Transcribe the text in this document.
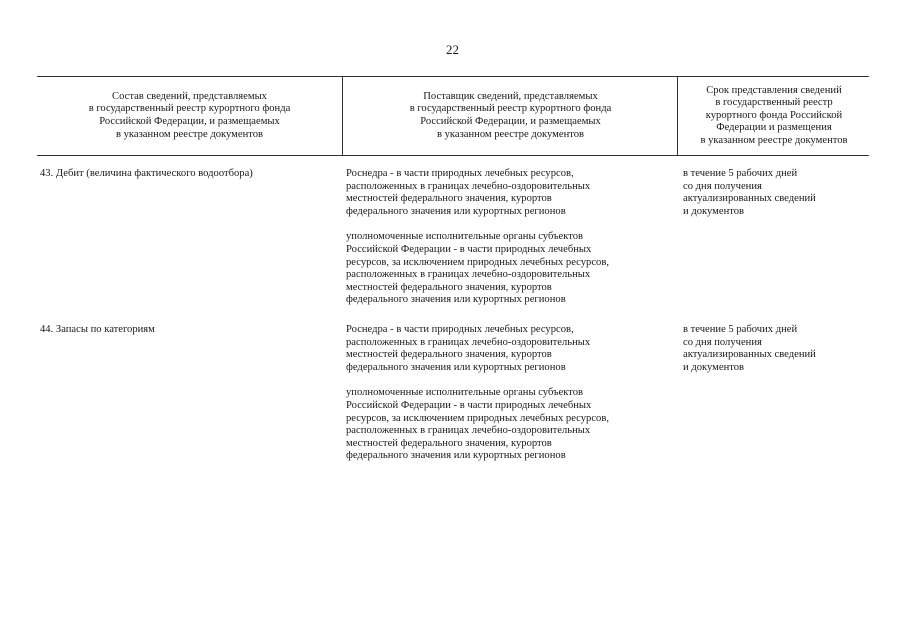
22
Состав сведений, представляемых
в государственный реестр курортного фонда
Российской Федерации, и размещаемых
в указанном реестре документов
Поставщик сведений, представляемых
в государственный реестр курортного фонда
Российской Федерации, и размещаемых
в указанном реестре документов
Срок представления сведений
в государственный реестр
курортного фонда Российской
Федерации и размещения
в указанном реестре документов
43. Дебит (величина фактического водоотбора)	Роснедра - в части природных лечебных ресурсов,
расположенных в границах лечебно-оздоровительных
местностей федерального значения, курортов
федерального значения или курортных регионов
уполномоченные исполнительные органы субъектов
Российской Федерации - в части природных лечебных
ресурсов, за исключением природных лечебных ресурсов,
расположенных в границах лечебно-оздоровительных
местностей федерального значения, курортов
федерального значения или курортных регионов
в течение 5 рабочих дней
со дня получения
актуализированных сведений
и документов
44. Запасы по категориям	Роснедра - в части природных лечебных ресурсов,
расположенных в границах лечебно-оздоровительных
местностей федерального значения, курортов
федерального значения или курортных регионов
уполномоченные исполнительные органы субъектов
Российской Федерации - в части природных лечебных
ресурсов, за исключением природных лечебных ресурсов,
расположенных в границах лечебно-оздоровительных
местностей федерального значения, курортов
федерального значения или курортных регионов
в течение 5 рабочих дней
со дня получения
актуализированных сведений
и документов
